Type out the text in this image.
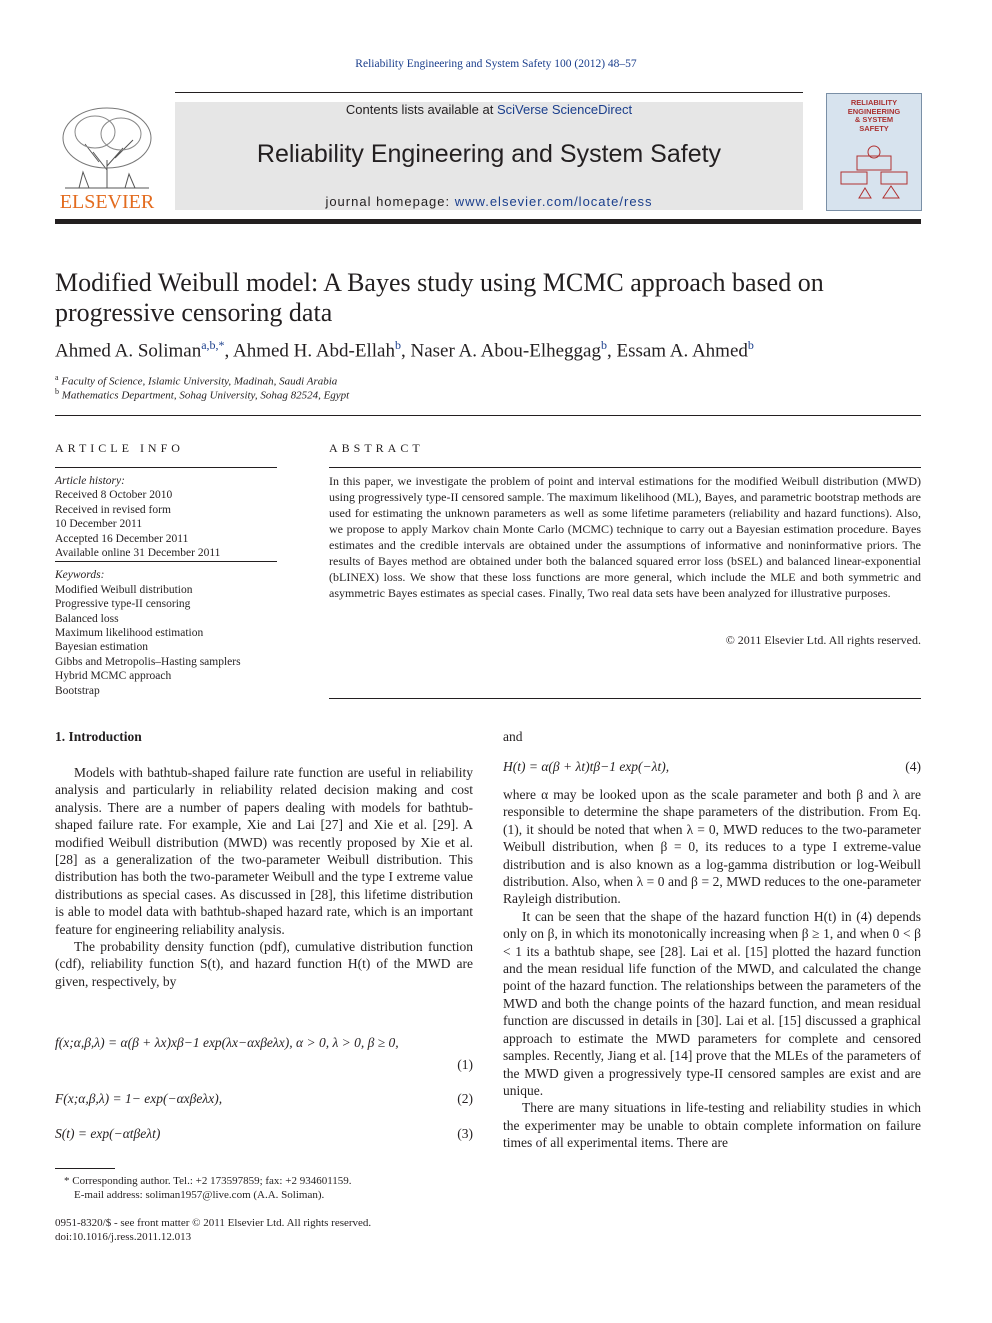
Reliability Engineering and System Safety 100 (2012) 48–57
ELSEVIER
Contents lists available at SciVerse ScienceDirect
Reliability Engineering and System Safety
journal homepage: www.elsevier.com/locate/ress
RELIABILITY
ENGINEERING
& SYSTEM
SAFETY
Modified Weibull model: A Bayes study using MCMC approach based on
progressive censoring data
Ahmed A. Soliman$^{a,b,*}$, Ahmed H. Abd-Ellah$^b$, Naser A. Abou-Elheggag$^b$, Essam A. Ahmed$^b$
$^a$ Faculty of Science, Islamic University, Madinah, Saudi Arabia
$^b$ Mathematics Department, Sohag University, Sohag 82524, Egypt
ARTICLE INFO
Article history:
Received 8 October 2010
Received in revised form
10 December 2011
Accepted 16 December 2011
Available online 31 December 2011
Keywords:
Modified Weibull distribution
Progressive type-II censoring
Balanced loss
Maximum likelihood estimation
Bayesian estimation
Gibbs and Metropolis–Hasting samplers
Hybrid MCMC approach
Bootstrap
ABSTRACT
In this paper, we investigate the problem of point and interval estimations for the modified Weibull distribution (MWD) using progressively type-II censored sample. The maximum likelihood (ML), Bayes, and parametric bootstrap methods are used for estimating the unknown parameters as well as some lifetime parameters (reliability and hazard functions). Also, we propose to apply Markov chain Monte Carlo (MCMC) technique to carry out a Bayesian estimation procedure. Bayes estimates and the credible intervals are obtained under the assumptions of informative and noninformative priors. The results of Bayes method are obtained under both the balanced squared error loss (bSEL) and balanced linear-exponential (bLINEX) loss. We show that these loss functions are more general, which include the MLE and both symmetric and asymmetric Bayes estimates as special cases. Finally, Two real data sets have been analyzed for illustrative purposes.
© 2011 Elsevier Ltd. All rights reserved.
1. Introduction

Models with bathtub-shaped failure rate function are useful in reliability analysis and particularly in reliability related decision making and cost analysis. There are a number of papers dealing with models for bathtub-shaped failure rate. For example, Xie and Lai [27] and Xie et al. [29]. A modified Weibull distribution (MWD) was recently proposed by Xie et al. [28] as a generalization of the two-parameter Weibull distribution. This distribution has both the two-parameter Weibull and the type I extreme value distributions as special cases. As discussed in [28], this lifetime distribution is able to model data with bathtub-shaped hazard rate, which is an important feature for engineering reliability analysis.

The probability density function (pdf), cumulative distribution function (cdf), reliability function S(t), and hazard function H(t) of the MWD are given, respectively, by

f(x;α,β,λ) = α(β + λx)xβ−1 exp(λx−αxβeλx), α > 0, λ > 0, β ≥ 0,
(1)
F(x;α,β,λ) = 1− exp(−αxβeλx),	(2)
S(t) = exp(−αtβeλt)	(3)
and
H(t) = α(β + λt)tβ−1 exp(−λt),	(4)

where α may be looked upon as the scale parameter and both β and λ are responsible to determine the shape parameters of the distribution. From Eq. (1), it should be noted that when λ = 0, MWD reduces to the two-parameter Weibull distribution, when β = 0, its reduces to a type I extreme-value distribution and is also known as a log-gamma distribution or log-Weibull distribution. Also, when λ = 0 and β = 2, MWD reduces to the one-parameter Rayleigh distribution.

It can be seen that the shape of the hazard function H(t) in (4) depends only on β, in which its monotonically increasing when β ≥ 1, and when 0 < β < 1 its a bathtub shape, see [28]. Lai et al. [15] plotted the hazard function and the mean residual life function of the MWD, and calculated the change point of the hazard function. The relationships between the parameters of the MWD and both the change points of the hazard function, and mean residual function are discussed in details in [30]. Lai et al. [15] discussed a graphical approach to estimate the MWD parameters for complete and censored samples. Recently, Jiang et al. [14] prove that the MLEs of the parameters of the MWD given a progressively type-II censored samples are exist and are unique.

There are many situations in life-testing and reliability studies in which the experimenter may be unable to obtain complete information on failure times of all experimental items. There are

* Corresponding author. Tel.: +2 173597859; fax: +2 934601159.
E-mail address: soliman1957@live.com (A.A. Soliman).
0951-8320/$ - see front matter © 2011 Elsevier Ltd. All rights reserved.
doi:10.1016/j.ress.2011.12.013
